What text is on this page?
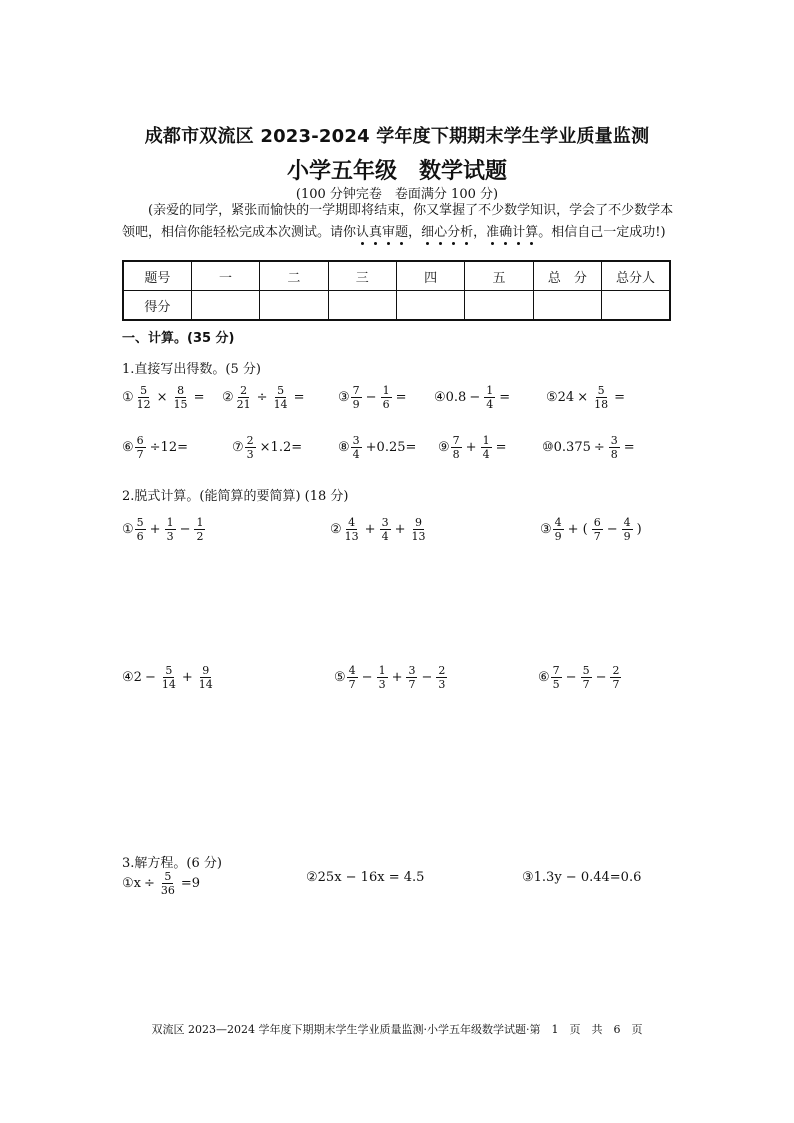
成都市双流区 2023-2024 学年度下期期末学生学业质量监测
小学五年级　数学试题
(100 分钟完卷　卷面满分 100 分)
(亲爱的同学，紧张而愉快的一学期即将结束，你又掌握了不少数学知识，学会了不少数学本领吧，相信你能轻松完成本次测试。请你认真审题，细心分析，准确计算。相信自己一定成功!)
题号	一	二	三	四	五	总　分	总分人
得分							
一、计算。(35 分)
1.直接写出得数。(5 分)
2.脱式计算。(能简算的要简算) (18 分)
3.解方程。(6 分)
① $\frac{5}{12} \times \frac{8}{15}$ = ② $\frac{2}{21} \div \frac{5}{14}$ =	③ $\frac{7}{9} - \frac{1}{6}$ = ④ $0.8 - \frac{1}{4}$ =	⑤ $24 \times \frac{5}{18}$ =
⑥ $\frac{6}{7} \div 12=$	⑦ $\frac{2}{3} \times 1.2=$	⑧ $\frac{3}{4} +0.25=$ ⑨ $\frac{7}{8} + \frac{1}{4}$ =	⑩ $0.375 \div \frac{3}{8}$ =
① $\frac{5}{6} + \frac{1}{3} - \frac{1}{2}$	② $\frac{4}{13} + \frac{3}{4} + \frac{9}{13}$	③ $\frac{4}{9}$ + ( $\frac{6}{7} - \frac{4}{9}$ )
④ $2 - \frac{5}{14} + \frac{9}{14}$	⑤ $\frac{4}{7} - \frac{1}{3} + \frac{3}{7} - \frac{2}{3}$	⑥ $\frac{7}{5} - \frac{5}{7} - \frac{2}{7}$
① $x \div \frac{5}{36} =9$	② 25x − 16x = 4.5	③ 1.3y − 0.44=0.6
双流区 2023—2024 学年度下期期末学生学业质量监测·小学五年级数学试题·第　1　页　共　6　页
